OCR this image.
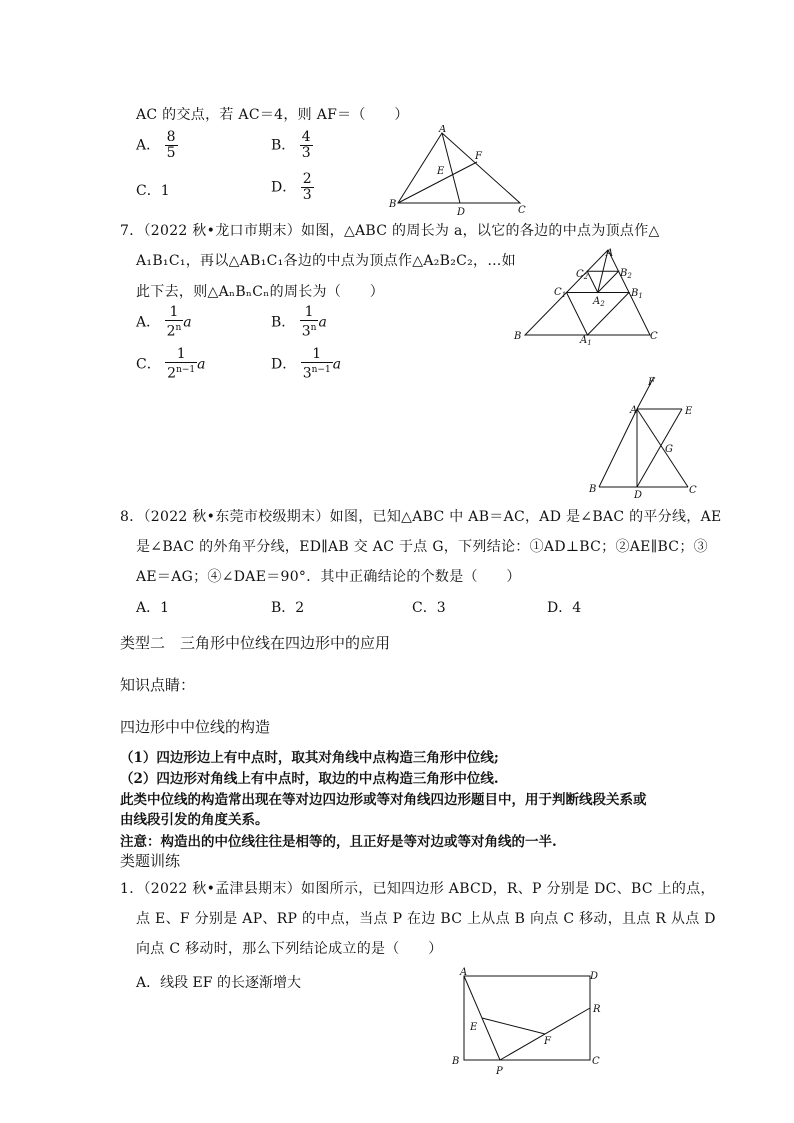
AC 的交点，若 AC＝4，则 AF＝（　　）
A． $\frac{8}{5}$	B． $\frac{4}{3}$
C．1	D． $\frac{2}{3}$
A
B
C
D
E
F
7．（2022 秋•龙口市期末）如图，△ABC 的周长为 a，以它的各边的中点为顶点作△
A₁B₁C₁，再以△AB₁C₁各边的中点为顶点作△A₂B₂C₂，…如
此下去，则△AₙBₙCₙ的周长为（　　）
A． $\frac{1}{2^n}$ a	B． $\frac{1}{3^n}$ a
C． $\frac{1}{2^{n-1}}$ a	D． $\frac{1}{3^{n-1}}$ a
A
B	C
$C_2$	$B_2$
$C_1$	$B_1$
$A_2$
$A_1$
F
A	E
G
B
D	C
8．（2022 秋•东莞市校级期末）如图，已知△ABC 中 AB＝AC，AD 是∠BAC 的平分线，AE
是∠BAC 的外角平分线，ED∥AB 交 AC 于点 G，下列结论：①AD⊥BC；②AE∥BC；③
AE＝AG；④∠DAE＝90°．其中正确结论的个数是（　　）
A．1	B．2	C．3	D．4
类型二　三角形中位线在四边形中的应用
知识点睛：
四边形中中位线的构造
（1）四边形边上有中点时，取其对角线中点构造三角形中位线;
（2）四边形对角线上有中点时，取边的中点构造三角形中位线.
此类中位线的构造常出现在等对边四边形或等对角线四边形题目中，用于判断线段关系或
由线段引发的角度关系。
注意：构造出的中位线往往是相等的，且正好是等对边或等对角线的一半.
类题训练
1．（2022 秋•孟津县期末）如图所示，已知四边形 ABCD，R、P 分别是 DC、BC 上的点，
点 E、F 分别是 AP、RP 的中点，当点 P 在边 BC 上从点 B 向点 C 移动，且点 R 从点 D
向点 C 移动时，那么下列结论成立的是（　　）
A．线段 EF 的长逐渐增大
A	D
R
E
F
B
P
C
